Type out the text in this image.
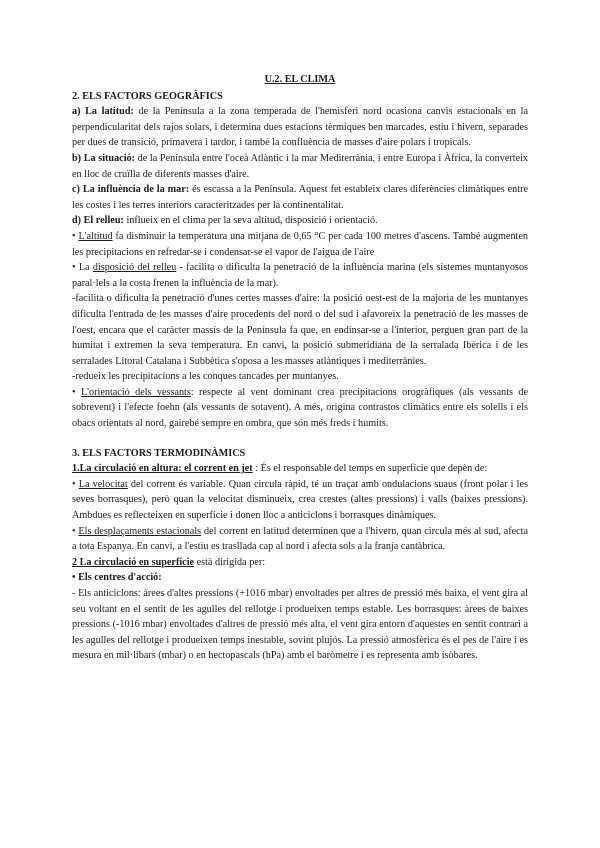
U.2. EL CLIMA

2. ELS FACTORS GEOGRÀFICS

a) La latitud: de la Península a la zona temperada de l'hemisferi nord ocasiona canvis estacionals en la perpendicularitat dels rajos solars, i determina dues estacions tèrmiques ben marcades, estiu i hivern, separades per dues de transició, primavera i tardor, i també la confluència de masses d'aire polars i tropicals.

b) La situació: de la Península entre l'oceà Atlàntic i la mar Mediterrània, i entre Europa i Àfrica, la converteix en lloc de cruïlla de diferents masses d'aire.

c) La influència de la mar: és escassa a la Península. Aquest fet estableix clares diferències climàtiques entre les costes i les terres interiors caracteritzades per la continentalitat.

d) El relleu: influeix en el clima per la seva altitud, disposició i orientació.

• L'altitud fa disminuir la temperatura una mitjana de 0,65 °C per cada 100 metres d'ascens. També augmenten les precipitacions en refredar-se i condensar-se el vapor de l'aigua de l'aire

• La disposició del relleu - facilita o dificulta la penetració de la influència marina (els sistemes muntanyosos paral·lels a la costa frenen la influència de la mar).

-facilita o dificulta la penetració d'unes certes masses d'aire: la posició oest-est de la majoria de les muntanyes dificulta l'entrada de les masses d'aire procedents del nord o del sud i afavoreix la penetració de les masses de l'oest, encara que el caràcter massís de la Península fa que, en endinsar-se a l'interior, perguen gran part de la humitat i extremen la seva temperatura. En canvi, la posició submeridiana de la serralada Ibèrica i de les serralades Litoral Catalana i Subbètica s'oposa a les masses atlàntiques i mediterrànies.

-redueix les precipitacions a les conques tancades per muntanyes.

• L'orientació dels vessants: respecte al vent dominant crea precipitacions orogràfiques (als vessants de sobrevent) i l'efecte foehn (als vessants de sotavent). A més, origina contrastos climàtics entre els solells i els obacs orientats al nord, gairebé sempre en ombra, que són més freds i humits.

3. ELS FACTORS TERMODINÀMICS

1.La circulació en altura: el corrent en jet : És el responsable del temps en superfície que depèn de:

• La velocitat del corrent és variable. Quan circula ràpid, té un traçat amb ondulacions suaus (front polar i les seves borrasques), però quan la velocitat disminueix, crea crestes (altes pressions) i valls (baixes pressions). Ambdues es reflecteixen en superfície i donen lloc a anticiclons i borrasques dinàmiques.

• Els desplaçaments estacionals del corrent en latitud determinen que a l'hivern, quan circula més al sud, afecta a tota Espanya. En canvi, a l'estiu es trasllada cap al nord i afecta sols a la franja cantàbrica.

2 La circulació en superfície està dirigida per:

• Els centres d'acció:

- Els anticiclons: àrees d'altes pressions (+1016 mbar) envoltades per altres de pressió més baixa, el vent gira al seu voltant en el sentit de les agulles del rellotge i produeixen temps estable. Les borrasques: àrees de baixes pressions (-1016 mbar) envoltades d'altres de pressió més alta, el vent gira entorn d'aquestes en sentit contrari a les agulles del rellotge i produeixen temps inestable, sovint plujós. La pressió atmosfèrica és el pes de l'aire i es mesura en mil·libars (mbar) o en hectopascals (hPa) amb el baròmetre i es representa amb isòbares.
